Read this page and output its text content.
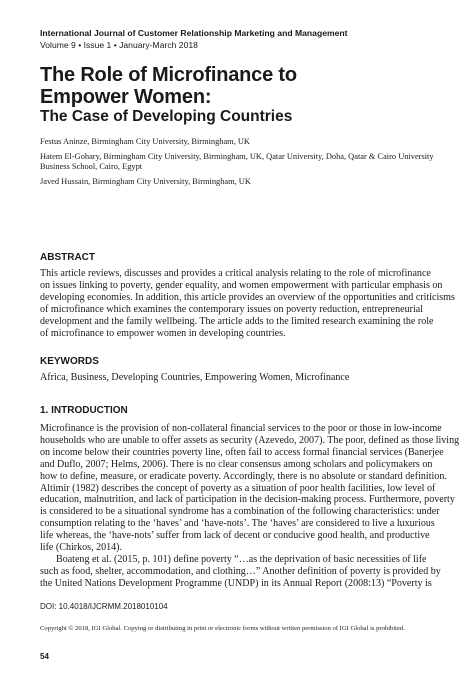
International Journal of Customer Relationship Marketing and Management
Volume 9 • Issue 1 • January-March 2018
The Role of Microfinance to
Empower Women:
The Case of Developing Countries
Festus Aninze, Birmingham City University, Birmingham, UK
Hatem El-Gohary, Birmingham City University, Birmingham, UK, Qatar University, Doha, Qatar & Cairo University
Business School, Cairo, Egypt
Javed Hussain, Birmingham City University, Birmingham, UK
ABSTRACT
This article reviews, discusses and provides a critical analysis relating to the role of microfinance
on issues linking to poverty, gender equality, and women empowerment with particular emphasis on
developing economies. In addition, this article provides an overview of the opportunities and criticisms
of microfinance which examines the contemporary issues on poverty reduction, entrepreneurial
development and the family wellbeing. The article adds to the limited research examining the role
of microfinance to empower women in developing countries.
KEYWORDS
Africa, Business, Developing Countries, Empowering Women, Microfinance
1. INTRODUCTION
Microfinance is the provision of non-collateral financial services to the poor or those in low-income
households who are unable to offer assets as security (Azevedo, 2007). The poor, defined as those living
on income below their countries poverty line, often fail to access formal financial services (Banerjee
and Duflo, 2007; Helms, 2006). There is no clear consensus among scholars and policymakers on
how to define, measure, or eradicate poverty. Accordingly, there is no absolute or standard definition.
Altimir (1982) describes the concept of poverty as a situation of poor health facilities, low level of
education, malnutrition, and lack of participation in the decision-making process. Furthermore, poverty
is considered to be a situational syndrome has a combination of the following characteristics: under
consumption relating to the ‘haves’ and ‘have-nots’. The ‘haves’ are considered to live a luxurious
life whereas, the ‘have-nots’ suffer from lack of decent or conducive good health, and productive
life (Chirkos, 2014).
Boateng et al. (2015, p. 101) define poverty “…as the deprivation of basic necessities of life
such as food, shelter, accommodation, and clothing…” Another definition of poverty is provided by
the United Nations Development Programme (UNDP) in its Annual Report (2008:13) “Poverty is
DOI: 10.4018/IJCRMM.2018010104
Copyright © 2018, IGI Global. Copying or distributing in print or electronic forms without written permission of IGI Global is prohibited.
54
